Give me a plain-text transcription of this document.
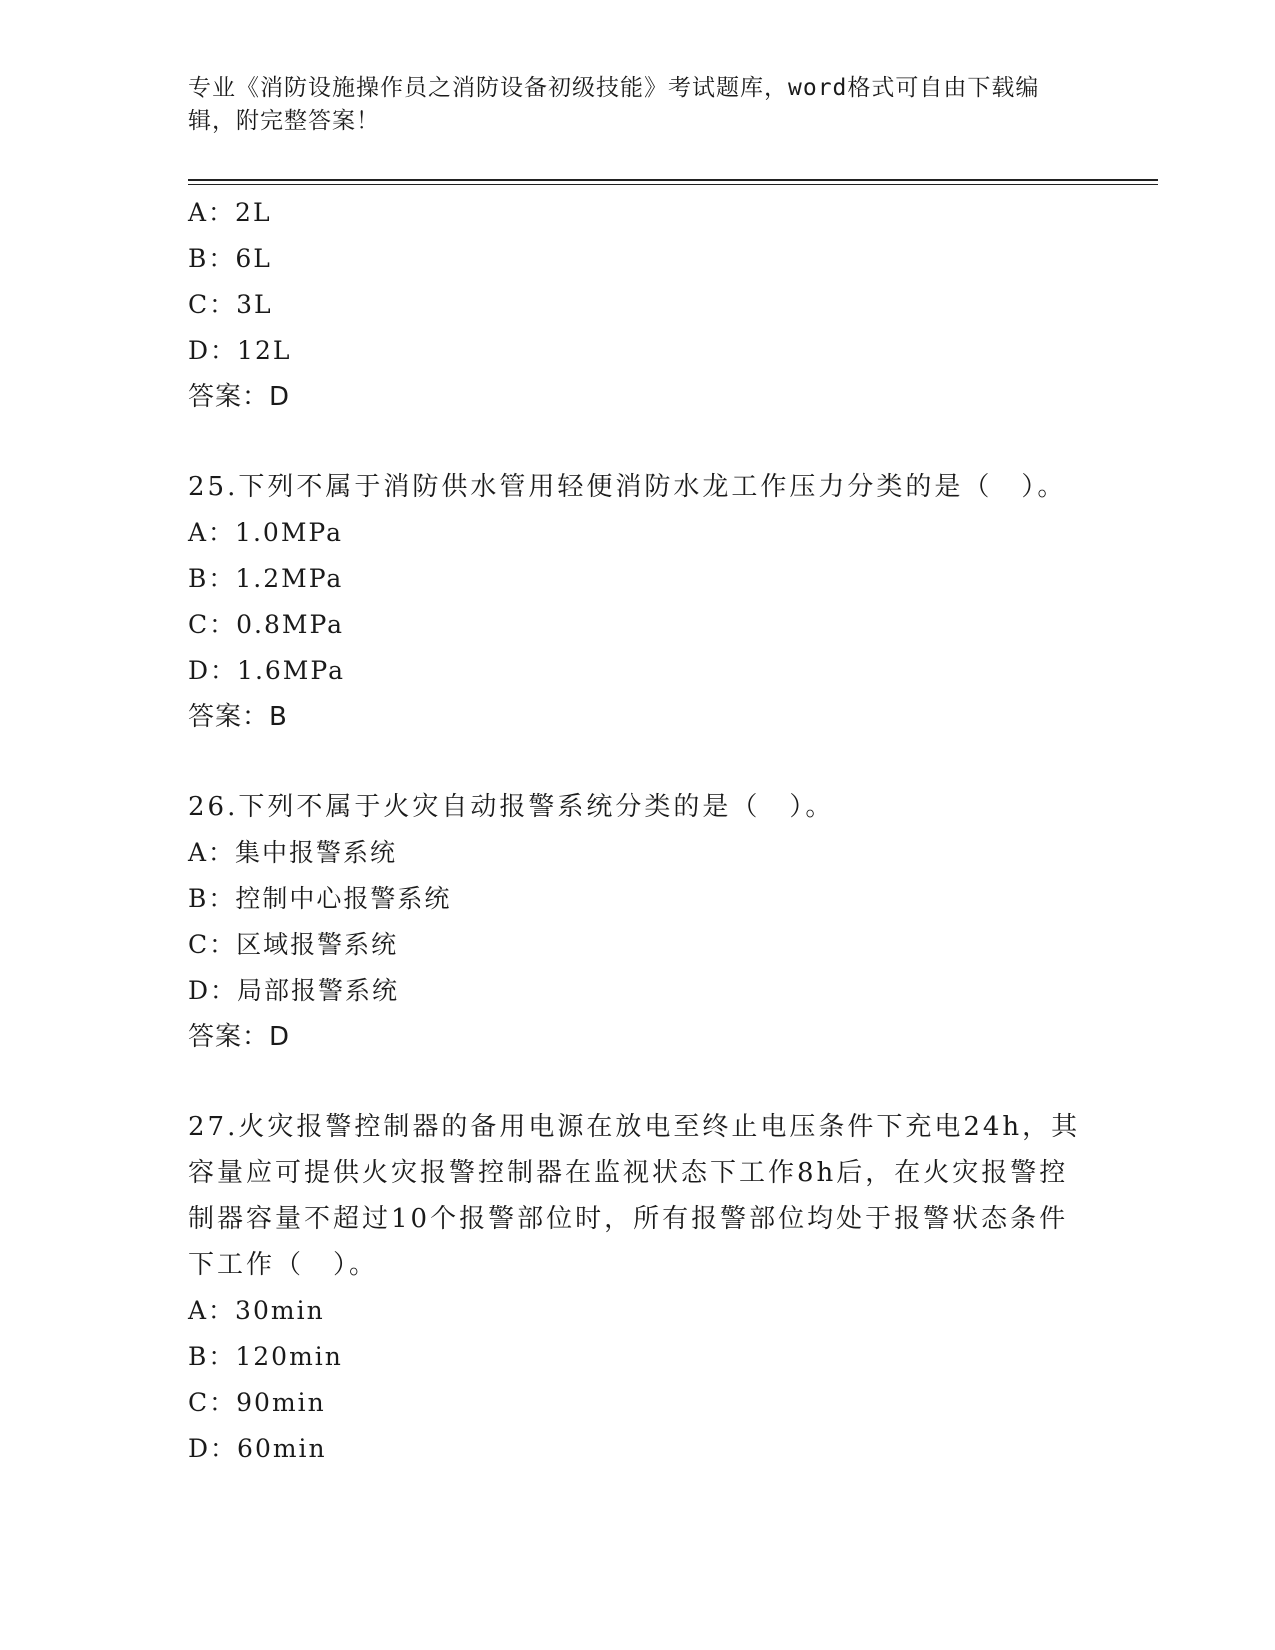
专业《消防设施操作员之消防设备初级技能》考试题库，word格式可自由下载编辑，附完整答案！
A：2L
B：6L
C：3L
D：12L
答案：D
25.下列不属于消防供水管用轻便消防水龙工作压力分类的是（　）。
A：1.0MPa
B：1.2MPa
C：0.8MPa
D：1.6MPa
答案：B
26.下列不属于火灾自动报警系统分类的是（　）。
A：集中报警系统
B：控制中心报警系统
C：区域报警系统
D：局部报警系统
答案：D
27.火灾报警控制器的备用电源在放电至终止电压条件下充电24h，其容量应可提供火灾报警控制器在监视状态下工作8h后，在火灾报警控制器容量不超过10个报警部位时，所有报警部位均处于报警状态条件下工作（　）。
A：30min
B：120min
C：90min
D：60min
